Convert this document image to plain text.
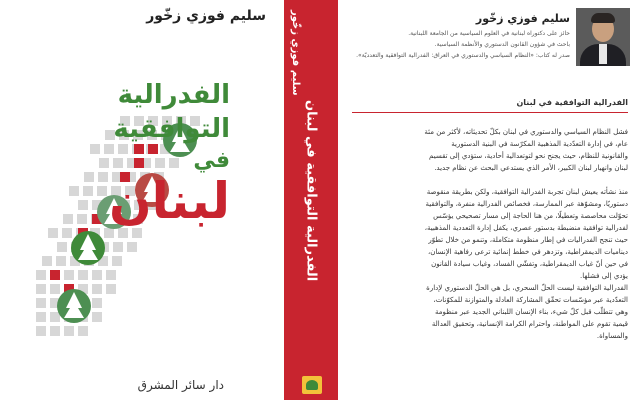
سليم فوزي زخّور
الفدرالية
التوافقية
لبنان
في
دار سائر المشرق
سليم فوزي زخّور
الفدرالية التوافقية في لبنان
سليم فوزي زخّور
حائز على دكتوراه لبنانية في العلوم السياسية من الجامعة اللبنانية.
باحث في شؤون القانون الدستوري والأنظمة السياسية.
صدر له كتاب: «النظام السياسي والدستوري في العراق: الفدرالية التوافقية والتعدديّة».
الفدرالية التوافقية في لبنان
فشل النظام السياسي والدستوري في لبنان بكلّ تحديثاته، لأكثر من مئة
عام، في إدارة التعدّدية المذهبية المكرّسة في البنية الدستورية
والقانونية للنظام، حيث يجنح نحو لتوتعدالية أحادية، ستؤدي إلى تقسيم
لبنان وانهيار لبنان الكبير، الأمر الذي يستدعي البحث عن نظام جديد.
منذ نشأته يعيش لبنان تجربة الفدرالية التوافقية، ولكن بطريقة منقوصة
دستوريًا، ومشوّهة عبر الممارسة، فخصائص الفدرالية منفرة، والتوافقية
تحوّلت محاصصة وتعطيلًا، من هنا الحاجة إلى مسار تصحيحي يؤسّس
لفدرالية توافقية منضبطة بدستور عصري، يكفل إدارة التعددية المذهبية،
حيث تنجح الفدراليات في إطار منظومة متكاملة، وتنمو من خلال تطوّر
ديناميات الديمقراطية، وتزدهر في خطط إنمائية ترعى رفاهية الإنسان،
في حين أنّ غياب الديمقراطية، وتفشّي الفساد، وغياب سيادة القانون
يؤدي إلى فشلها.
الفدرالية التوافقية ليست الحلّ السحري، بل هي الحلّ الدستوري لإدارة
التعدّدية عبر مؤسّسات تحقّق المشاركة العادلة والمتوازنة للمكوّنات،
وهي تتطلّب قبل كلّ شيء، بناء الإنسان اللبناني الجديد عبر منظومة
قيمية تقوم على المواطنة، واحترام الكرامة الإنسانية، وتحقيق العدالة
والمساواة.
